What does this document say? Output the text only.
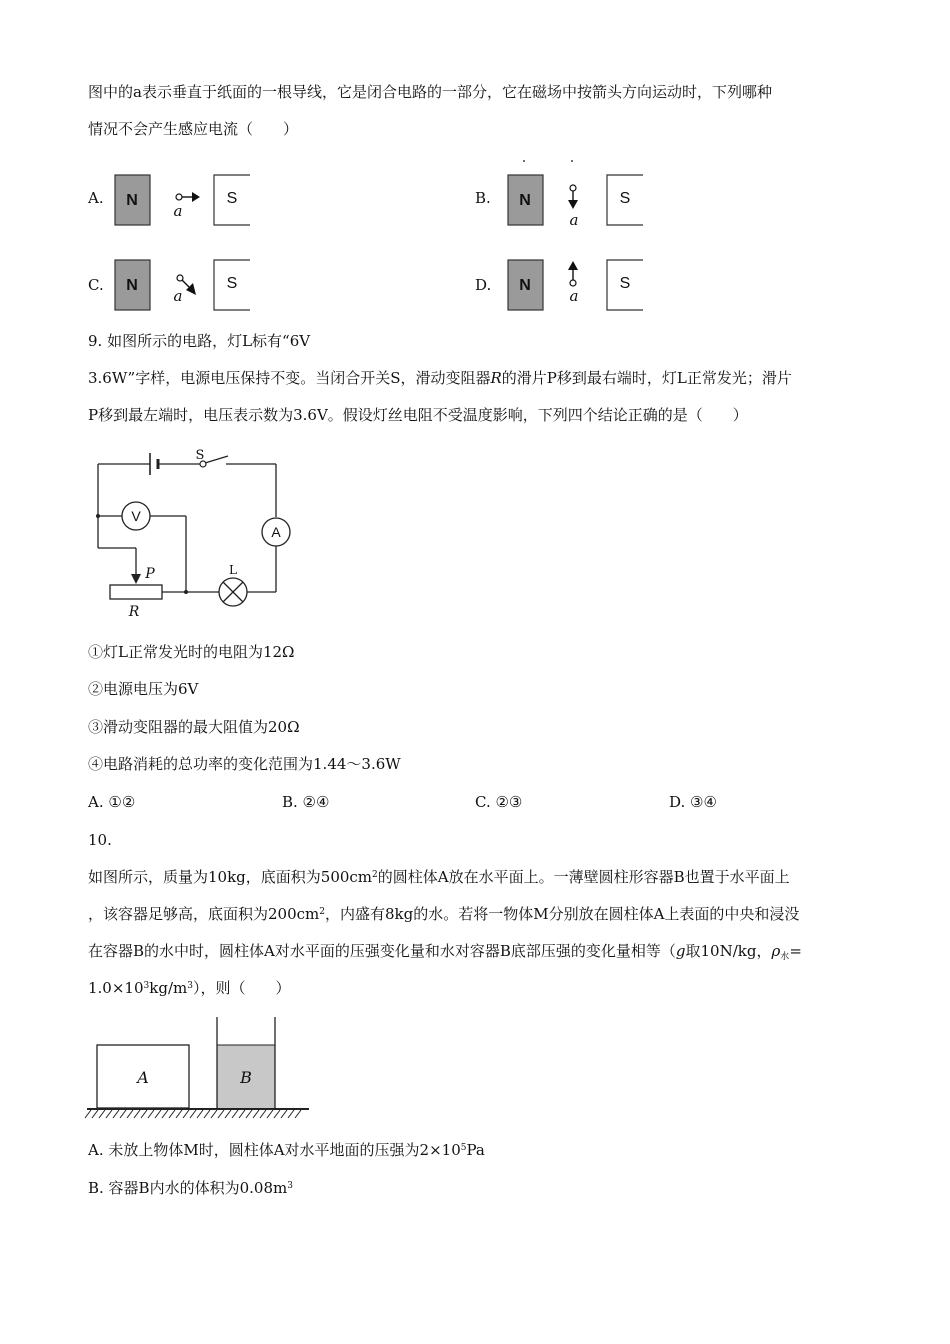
图中的a表示垂直于纸面的一根导线，它是闭合电路的一部分，它在磁场中按箭头方向运动时，下列哪种
情况不会产生感应电流（　　）
A. N
a
S	B. N
a
S
C. N
a
S	D. N
a
S
9. 如图所示的电路，灯L标有“6V
3.6W”字样，电源电压保持不变。当闭合开关S，滑动变阻器R的滑片P移到最右端时，灯L正常发光；滑片
P移到最左端时，电压表示数为3.6V。假设灯丝电阻不受温度影响，下列四个结论正确的是（　　）
S
A
V
P
R
L
①灯L正常发光时的电阻为12Ω
②电源电压为6V
③滑动变阻器的最大阻值为20Ω
④电路消耗的总功率的变化范围为1.44～3.6W
A. ①②	B. ②④	C. ②③	D. ③④
10.
如图所示，质量为10kg，底面积为$500cm^2$的圆柱体A放在水平面上。一薄壁圆柱形容器B也置于水平面上
，该容器足够高，底面积为$200cm^2$，内盛有8kg的水。若将一物体M分别放在圆柱体A上表面的中央和浸没
在容器B的水中时，圆柱体A对水平面的压强变化量和水对容器B底部压强的变化量相等（g取10N/kg，$\rho_水=$
$1.0\times 10^3kg/m^3$），则（　　）
A	B
A. 未放上物体M时，圆柱体A对水平地面的压强为$2\times 10^5Pa$
B. 容器B内水的体积为$0.08m^3$
